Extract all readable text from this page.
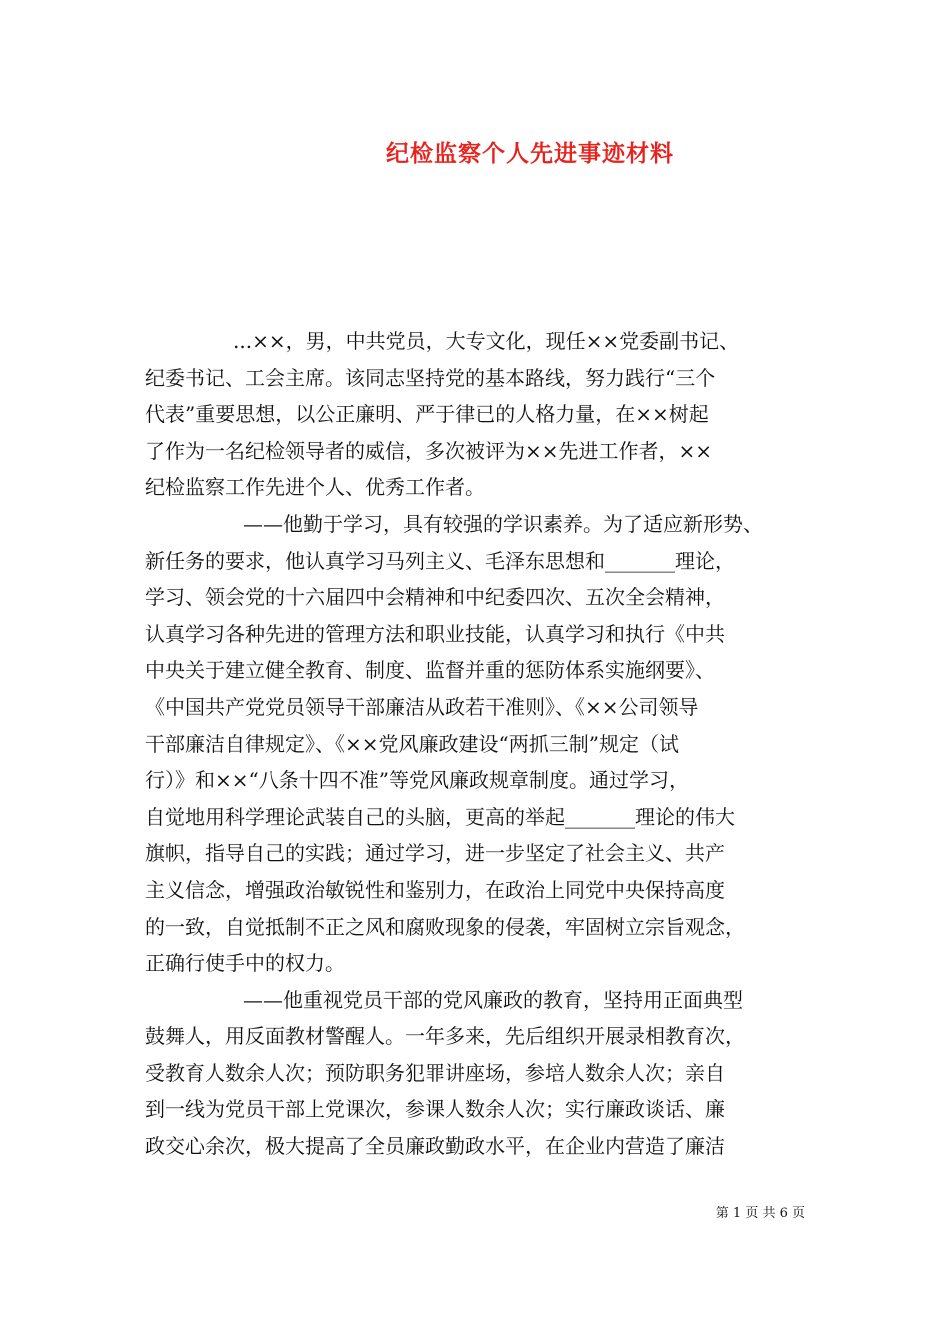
纪检监察个人先进事迹材料
...××，男，中共党员，大专文化，现任××党委副书记、
纪委书记、工会主席。该同志坚持党的基本路线，努力践行“三个
代表”重要思想，以公正廉明、严于律已的人格力量，在××树起
了作为一名纪检领导者的威信，多次被评为××先进工作者，××
纪检监察工作先进个人、优秀工作者。
——他勤于学习，具有较强的学识素养。为了适应新形势、
新任务的要求，他认真学习马列主义、毛泽东思想和_______理论，
学习、领会党的十六届四中会精神和中纪委四次、五次全会精神，
认真学习各种先进的管理方法和职业技能，认真学习和执行《中共
中央关于建立健全教育、制度、监督并重的惩防体系实施纲要》、
《中国共产党党员领导干部廉洁从政若干准则》、《××公司领导
干部廉洁自律规定》、《××党风廉政建设“两抓三制”规定（试
行）》和××“八条十四不准”等党风廉政规章制度。通过学习，
自觉地用科学理论武装自己的头脑，更高的举起_______理论的伟大
旗帜，指导自己的实践；通过学习，进一步坚定了社会主义、共产
主义信念，增强政治敏锐性和鉴别力，在政治上同党中央保持高度
的一致，自觉抵制不正之风和腐败现象的侵袭，牢固树立宗旨观念，
正确行使手中的权力。
——他重视党员干部的党风廉政的教育，坚持用正面典型
鼓舞人，用反面教材警醒人。一年多来，先后组织开展录相教育次，
受教育人数余人次；预防职务犯罪讲座场，参培人数余人次；亲自
到一线为党员干部上党课次，参课人数余人次；实行廉政谈话、廉
政交心余次，极大提高了全员廉政勤政水平，在企业内营造了廉洁
第 1 页 共 6 页
